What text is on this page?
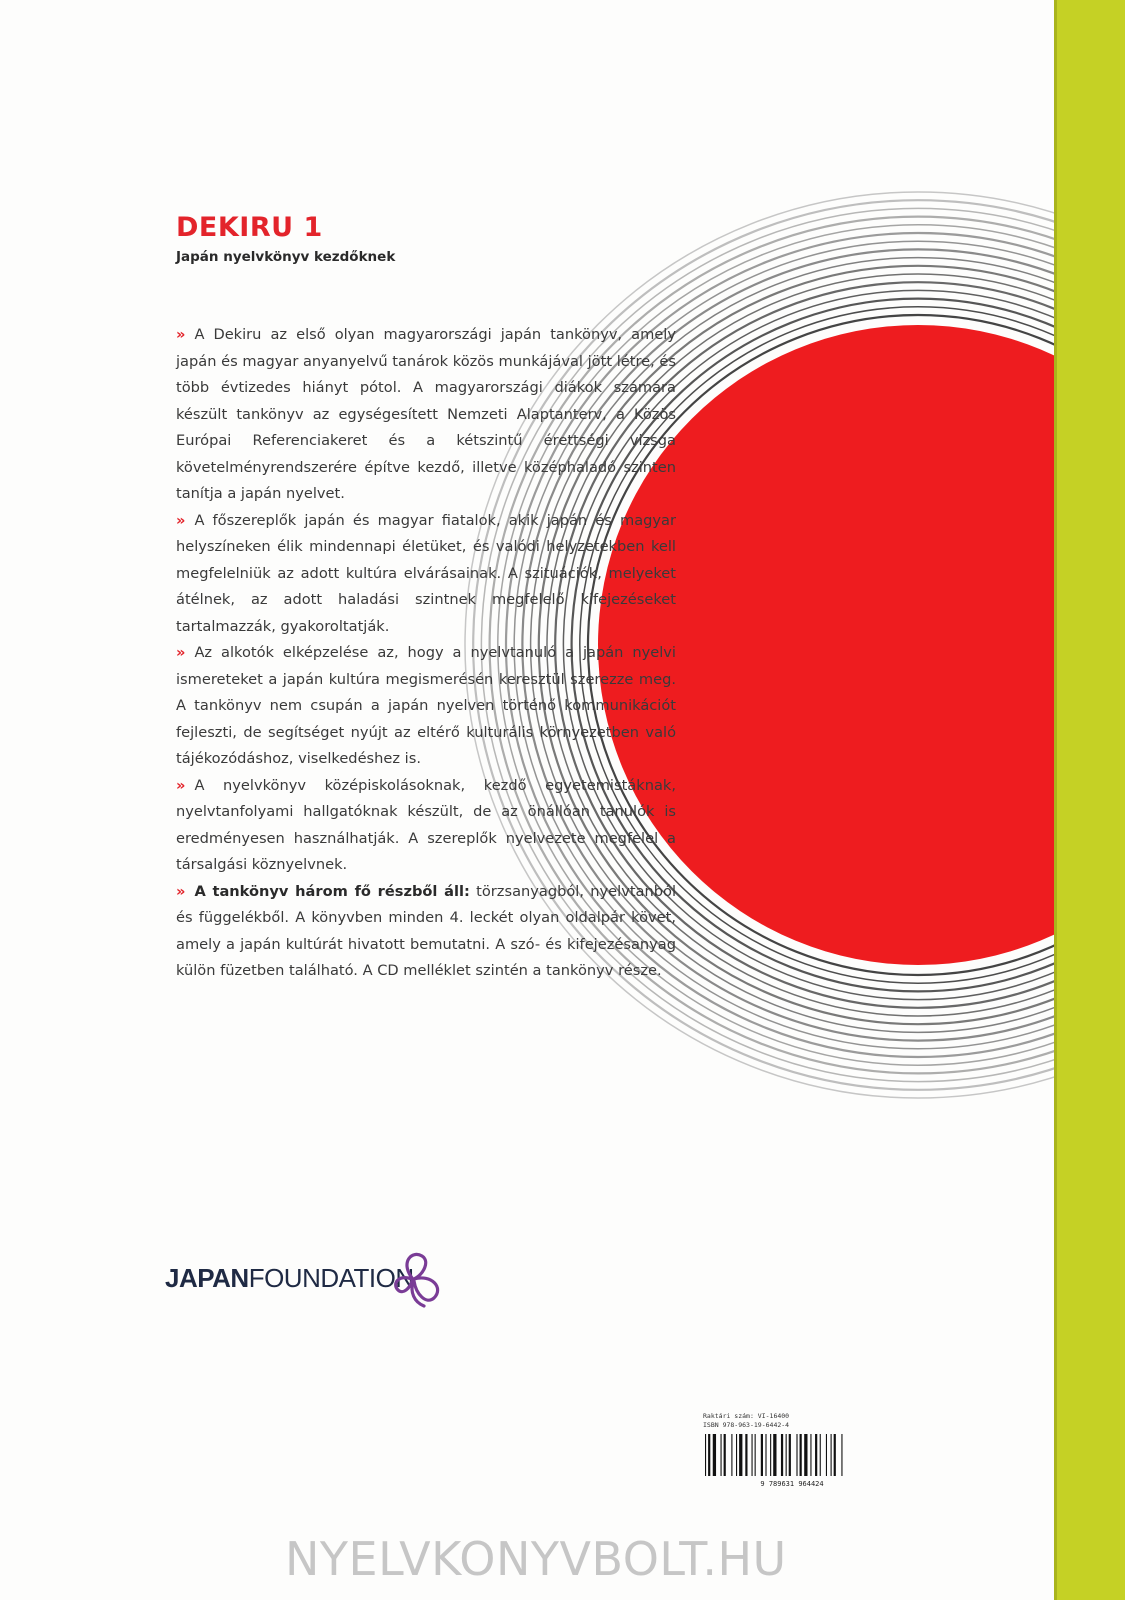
DEKIRU 1
Japán nyelvkönyv kezdőknek

» A Dekiru az első olyan magyarországi japán tankönyv, amely japán és magyar anyanyelvű tanárok közös munkájával jött létre, és több évtizedes hiányt pótol. A magyarországi diákok számára készült tankönyv az egységesített Nemzeti Alaptanterv, a Közös Európai Referenciakeret és a kétszintű érettségi vizsga követelményrendszerére építve kezdő, illetve középhaladó szinten tanítja a japán nyelvet.

» A főszereplők japán és magyar fiatalok, akik japán és magyar helyszíneken élik mindennapi életüket, és valódi helyzetekben kell megfelelniük az adott kultúra elvárásainak. A szituációk, melyeket átélnek, az adott haladási szintnek megfelelő kifejezéseket tartalmazzák, gyakoroltatják.

» Az alkotók elképzelése az, hogy a nyelvtanuló a japán nyelvi ismereteket a japán kultúra megismerésén keresztül szerezze meg. A tankönyv nem csupán a japán nyelven történő kommunikációt fejleszti, de segítséget nyújt az eltérő kulturális környezetben való tájékozódáshoz, viselkedéshez is.

» A nyelvkönyv középiskolásoknak, kezdő egyetemistáknak, nyelvtanfolyami hallgatóknak készült, de az önállóan tanulók is eredményesen használhatják. A szereplők nyelvezete megfelel a társalgási köznyelvnek.

» A tankönyv három fő részből áll: törzsanyagból, nyelvtanból és függelékből. A könyvben minden 4. leckét olyan oldalpár követ, amely a japán kultúrát hivatott bemutatni. A szó- és kifejezésanyag külön füzetben található. A CD melléklet szintén a tankönyv része.

JAPANFOUNDATION

Raktári szám: VI-16400

ISBN 978-963-19-6442-4

9 789631 964424

NYELVKONYVBOLT.HU
